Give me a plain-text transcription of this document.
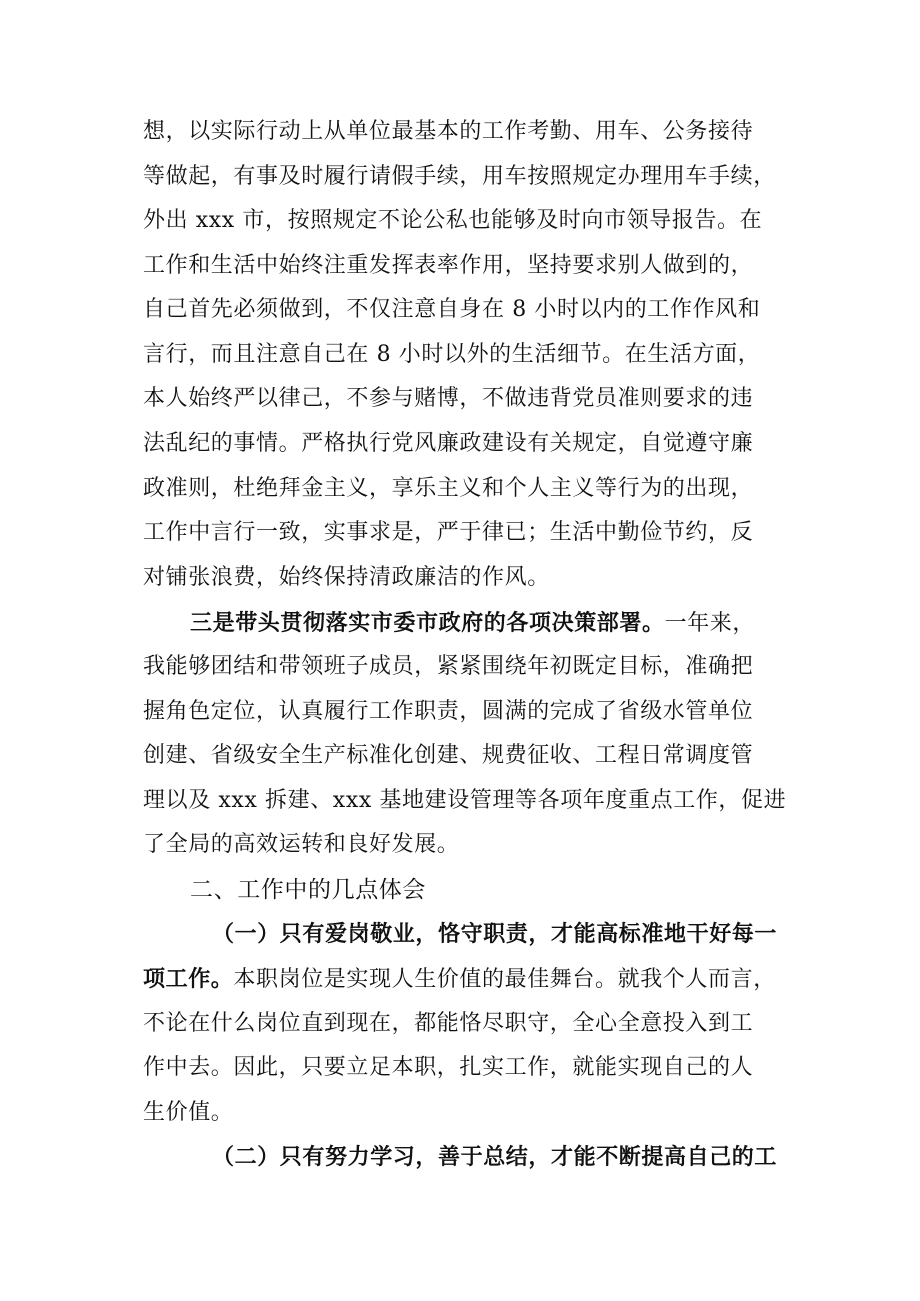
想，以实际行动上从单位最基本的工作考勤、用车、公务接待
等做起，有事及时履行请假手续，用车按照规定办理用车手续，
外出 xxx 市，按照规定不论公私也能够及时向市领导报告。在
工作和生活中始终注重发挥表率作用，坚持要求别人做到的，
自己首先必须做到，不仅注意自身在 8 小时以内的工作作风和
言行，而且注意自己在 8 小时以外的生活细节。在生活方面，
本人始终严以律己，不参与赌博，不做违背党员准则要求的违
法乱纪的事情。严格执行党风廉政建设有关规定，自觉遵守廉
政准则，杜绝拜金主义，享乐主义和个人主义等行为的出现，
工作中言行一致，实事求是，严于律已；生活中勤俭节约，反
对铺张浪费，始终保持清政廉洁的作风。
三是带头贯彻落实市委市政府的各项决策部署。一年来，
我能够团结和带领班子成员，紧紧围绕年初既定目标，准确把
握角色定位，认真履行工作职责，圆满的完成了省级水管单位
创建、省级安全生产标准化创建、规费征收、工程日常调度管
理以及 xxx 拆建、xxx 基地建设管理等各项年度重点工作，促进
了全局的高效运转和良好发展。
二、工作中的几点体会
（一）只有爱岗敬业，恪守职责，才能高标准地干好每一
项工作。本职岗位是实现人生价值的最佳舞台。就我个人而言，
不论在什么岗位直到现在，都能恪尽职守，全心全意投入到工
作中去。因此，只要立足本职，扎实工作，就能实现自己的人
生价值。
（二）只有努力学习，善于总结，才能不断提高自己的工
